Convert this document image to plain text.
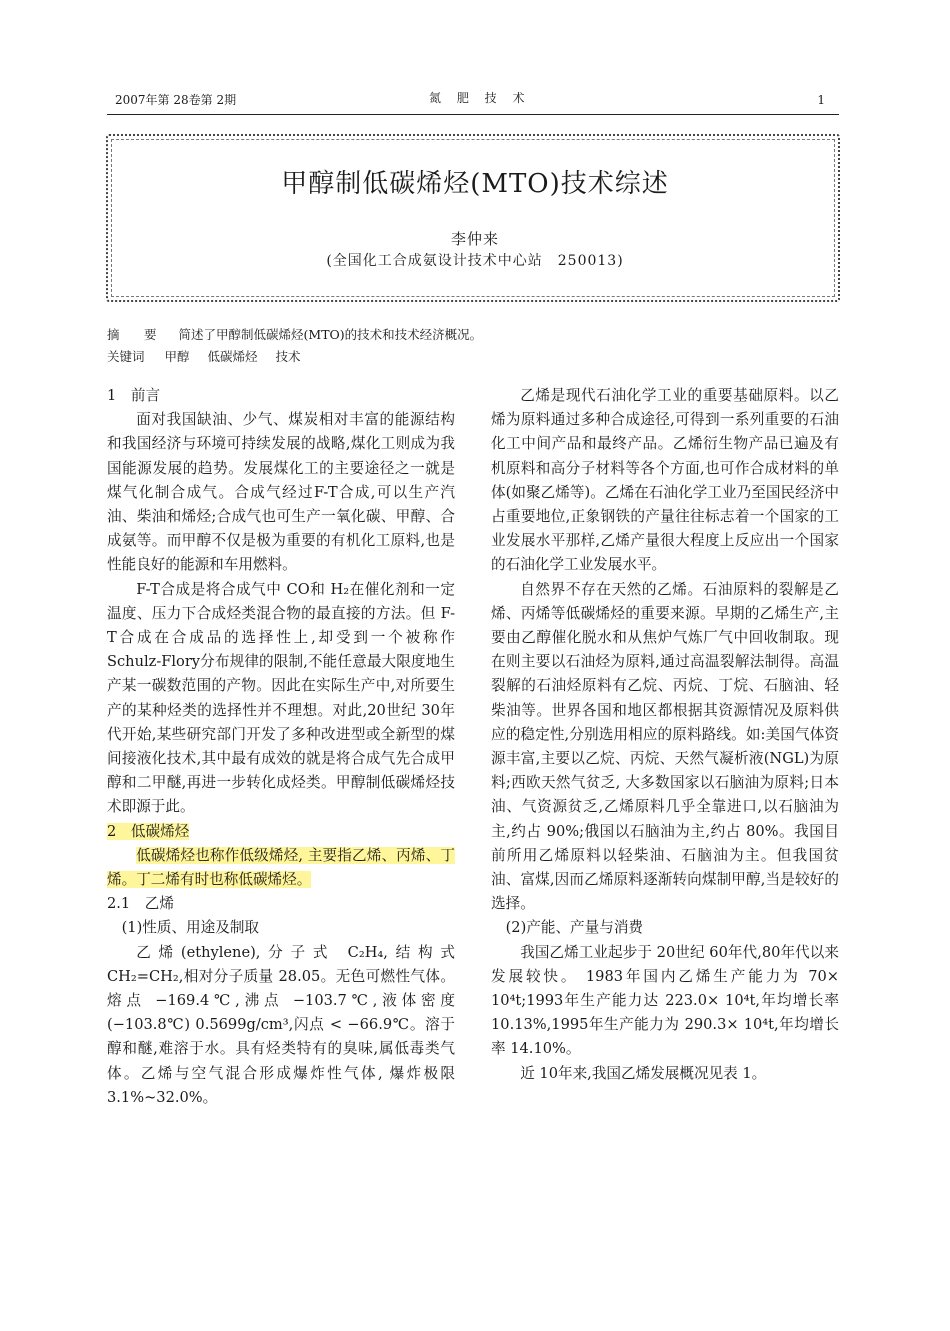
2007年第 28卷第 2期	氮 肥 技 术	1
甲醇制低碳烯烃(MTO)技术综述
李仲来
(全国化工合成氨设计技术中心站　250013)
摘　要 简述了甲醇制低碳烯烃(MTO)的技术和技术经济概况。
关键词 甲醇 低碳烯烃 技术
1　前言

面对我国缺油、少气、煤炭相对丰富的能源结构和我国经济与环境可持续发展的战略,煤化工则成为我国能源发展的趋势。发展煤化工的主要途径之一就是煤气化制合成气。合成气经过F-T合成,可以生产汽油、柴油和烯烃;合成气也可生产一氧化碳、甲醇、合成氨等。而甲醇不仅是极为重要的有机化工原料,也是性能良好的能源和车用燃料。

F-T合成是将合成气中 CO和 H₂在催化剂和一定温度、压力下合成烃类混合物的最直接的方法。但 F-T合成在合成品的选择性上,却受到一个被称作 Schulz-Flory分布规律的限制,不能任意最大限度地生产某一碳数范围的产物。因此在实际生产中,对所要生产的某种烃类的选择性并不理想。对此,20世纪 30年代开始,某些研究部门开发了多种改进型或全新型的煤间接液化技术,其中最有成效的就是将合成气先合成甲醇和二甲醚,再进一步转化成烃类。甲醇制低碳烯烃技术即源于此。

2　低碳烯烃

低碳烯烃也称作低级烯烃, 主要指乙烯、丙烯、丁烯。丁二烯有时也称低碳烯烃。

2.1　乙烯
(1)性质、用途及制取

乙烯(ethylene),分子式 C₂H₄,结构式 CH₂=CH₂,相对分子质量 28.05。无色可燃性气体。熔点 −169.4℃,沸点 −103.7℃,液体密度(−103.8℃) 0.5699g/cm³,闪点 < −66.9℃。溶于醇和醚,难溶于水。具有烃类特有的臭味,属低毒类气体。乙烯与空气混合形成爆炸性气体, 爆炸极限 3.1%~32.0%。

乙烯是现代石油化学工业的重要基础原料。以乙烯为原料通过多种合成途径,可得到一系列重要的石油化工中间产品和最终产品。乙烯衍生物产品已遍及有机原料和高分子材料等各个方面,也可作合成材料的单体(如聚乙烯等)。乙烯在石油化学工业乃至国民经济中占重要地位,正象钢铁的产量往往标志着一个国家的工业发展水平那样,乙烯产量很大程度上反应出一个国家的石油化学工业发展水平。

自然界不存在天然的乙烯。石油原料的裂解是乙烯、丙烯等低碳烯烃的重要来源。早期的乙烯生产,主要由乙醇催化脱水和从焦炉气炼厂气中回收制取。现在则主要以石油烃为原料,通过高温裂解法制得。高温裂解的石油烃原料有乙烷、丙烷、丁烷、石脑油、轻柴油等。世界各国和地区都根据其资源情况及原料供应的稳定性,分别选用相应的原料路线。如:美国气体资源丰富,主要以乙烷、丙烷、天然气凝析液(NGL)为原料;西欧天然气贫乏, 大多数国家以石脑油为原料;日本油、气资源贫乏,乙烯原料几乎全靠进口,以石脑油为主,约占 90%;俄国以石脑油为主,约占 80%。我国目前所用乙烯原料以轻柴油、石脑油为主。但我国贫油、富煤,因而乙烯原料逐渐转向煤制甲醇,当是较好的选择。

(2)产能、产量与消费

我国乙烯工业起步于 20世纪 60年代,80年代以来发展较快。 1983年国内乙烯生产能力为 70× 10⁴t;1993年生产能力达 223.0× 10⁴t,年均增长率 10.13%,1995年生产能力为 290.3× 10⁴t,年均增长率 14.10%。

近 10年来,我国乙烯发展概况见表 1。
